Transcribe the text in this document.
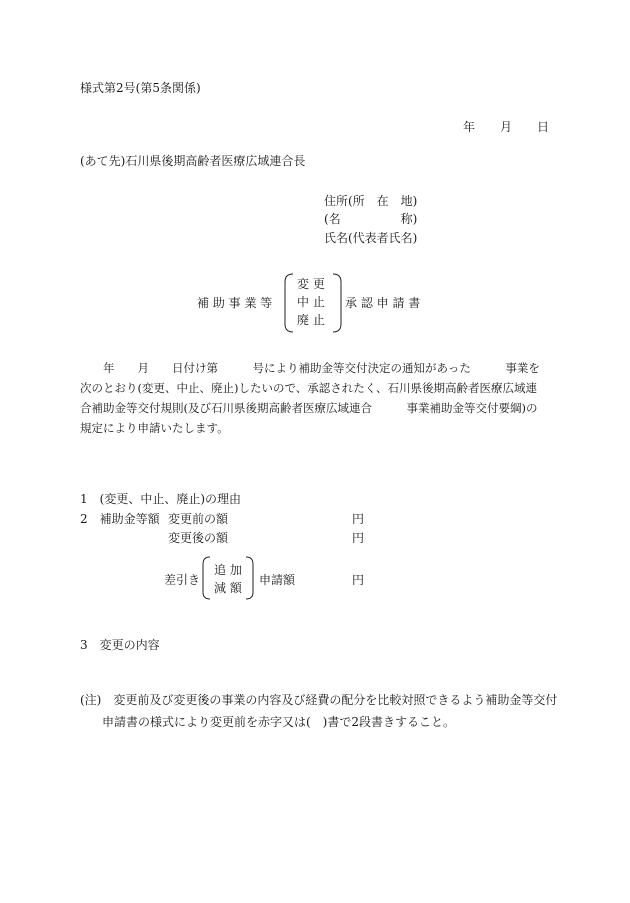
様式第2号(第5条関係)
年 月 日
(あて先)石川県後期高齢者医療広域連合長
住所(所　在　地)
(名　　　　　称)
氏名(代表者氏名)
補 助 事 業 等
変 更
中 止
廃 止
承 認 申 請 書
　　年　　月　　日付け第　　　号により補助金等交付決定の通知があった　　　事業を
次のとおり(変更、中止、廃止)したいので、承認されたく、石川県後期高齢者医療広域連
合補助金等交付規則(及び石川県後期高齢者医療広域連合　　　事業補助金等交付要綱)の
規定により申請いたします。
1　(変更、中止、廃止)の理由
2　補助金等額 変更前の額	円
変更後の額	円
差引き
追 加
減 額
申請額	円
3　変更の内容
(注)　変更前及び変更後の事業の内容及び経費の配分を比較対照できるよう補助金等交付
申請書の様式により変更前を赤字又は(　)書で2段書きすること。
